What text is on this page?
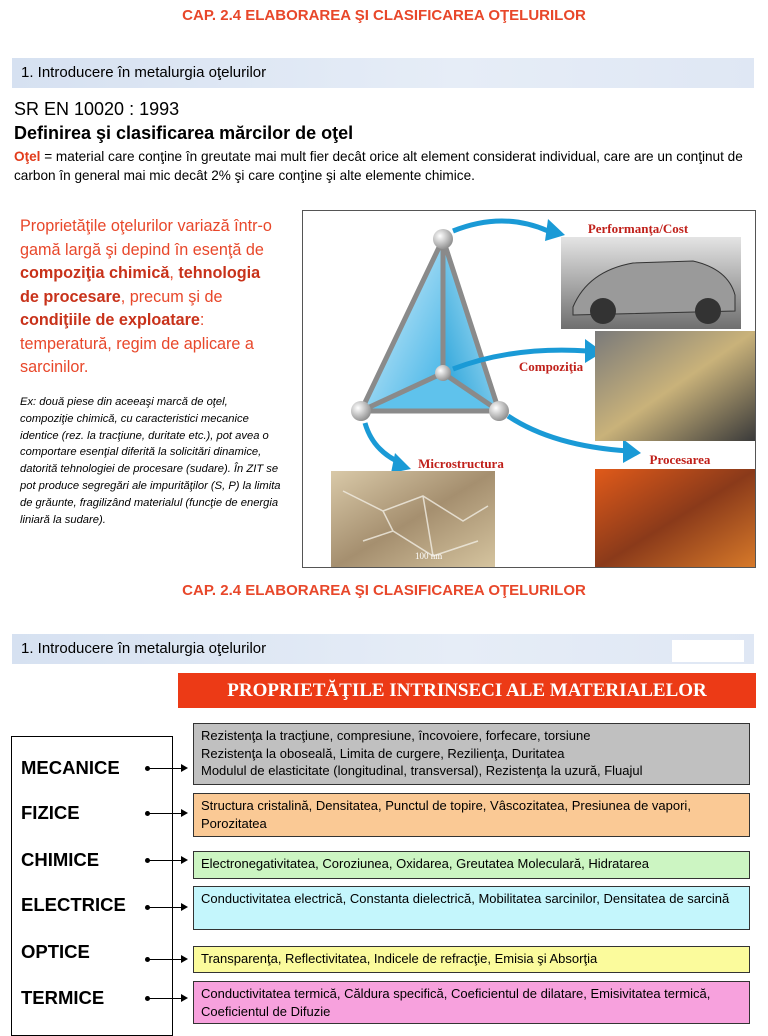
CAP. 2.4 ELABORAREA ŞI CLASIFICAREA OŢELURILOR
1. Introducere în metalurgia oţelurilor
SR EN 10020 : 1993
Definirea şi clasificarea mărcilor de oţel
Oţel = material care conţine în greutate mai mult fier decât orice alt element considerat individual, care are un conţinut de carbon în general mai mic decât 2% şi care conţine şi alte elemente chimice.
Proprietăţile oţelurilor variază într-o gamă largă şi depind în esenţă de compoziţia chimică, tehnologia de procesare, precum şi de condiţiile de exploatare: temperatură, regim de aplicare a sarcinilor.
Ex: două piese din aceeaşi marcă de oţel, compoziţie chimică, cu caracteristici mecanice identice (rez. la tracţiune, duritate etc.), pot avea o comportare esenţial diferită la solicitări dinamice, datorită tehnologiei de procesare (sudare). În ZIT se pot produce segregări ale impurităţilor (S, P) la limita de grăunte, fragilizând materialul (funcţie de energia liniară la sudare).
Performanţa/Cost
Compoziţia
Microstructura	Procesarea
100 nm
CAP. 2.4 ELABORAREA ŞI CLASIFICAREA OŢELURILOR
1. Introducere în metalurgia oţelurilor
PROPRIETĂŢILE INTRINSECI ALE MATERIALELOR
MECANICE
FIZICE
CHIMICE
ELECTRICE
OPTICE
TERMICE
Rezistenţa la tracţiune, compresiune, încovoiere, forfecare, torsiune
Rezistenţa la oboseală, Limita de curgere, Rezilienţa, Duritatea
Modulul de elasticitate (longitudinal, transversal), Rezistenţa la uzură, Fluajul
Structura cristalină, Densitatea, Punctul de topire, Vâscozitatea, Presiunea de vapori, Porozitatea
Electronegativitatea, Coroziunea, Oxidarea, Greutatea Moleculară, Hidratarea
Conductivitatea electrică, Constanta dielectrică, Mobilitatea sarcinilor, Densitatea de sarcină
Transparenţa, Reflectivitatea, Indicele de refracţie, Emisia şi Absorţia
Conductivitatea termică, Căldura specifică, Coeficientul de dilatare, Emisivitatea termică, Coeficientul de Difuzie
